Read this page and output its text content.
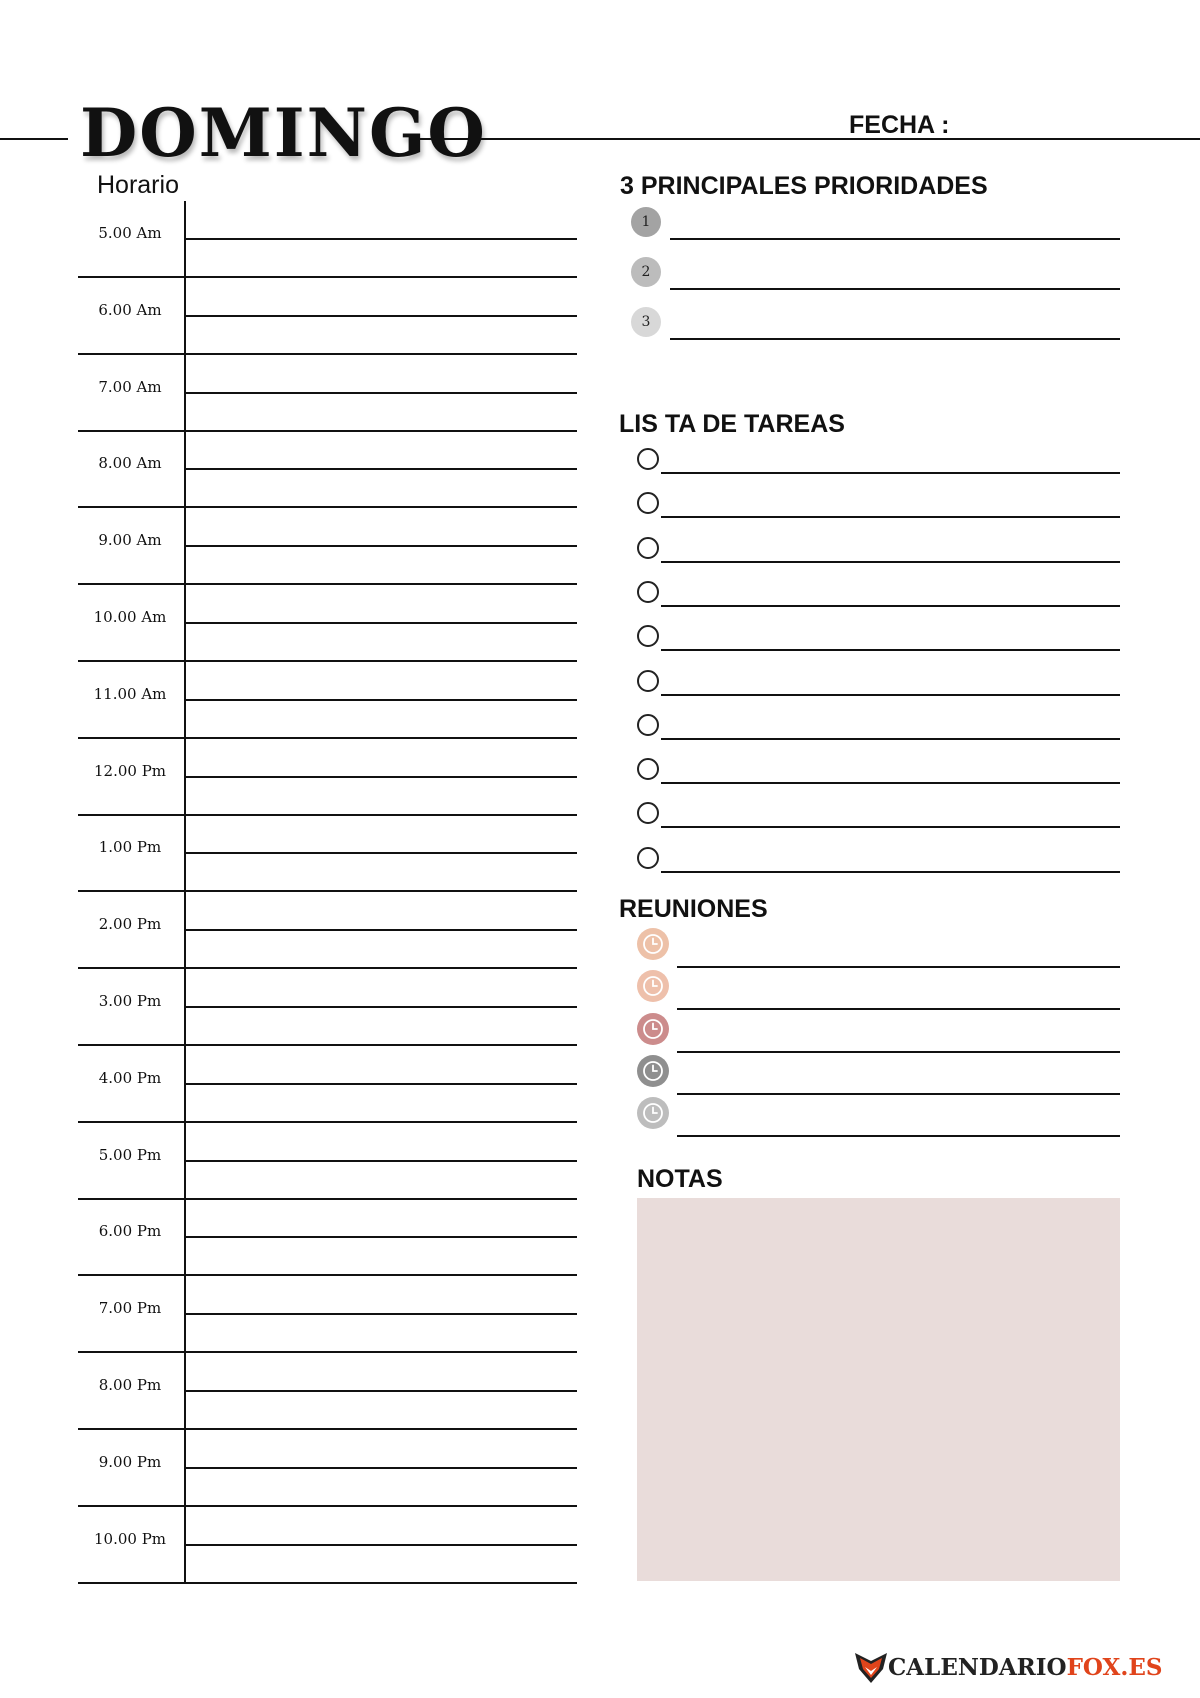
DOMINGO	FECHA :
Horario
5.00 Am
6.00 Am
7.00 Am
8.00 Am
9.00 Am
10.00 Am
11.00 Am
12.00 Pm
1.00 Pm
2.00 Pm
3.00 Pm
4.00 Pm
5.00 Pm
6.00 Pm
7.00 Pm
8.00 Pm
9.00 Pm
10.00 Pm
3 PRINCIPALES PRIORIDADES
1
2
3
LIS TA DE TAREAS
REUNIONES
NOTAS
CALENDARIOFOX.ES
